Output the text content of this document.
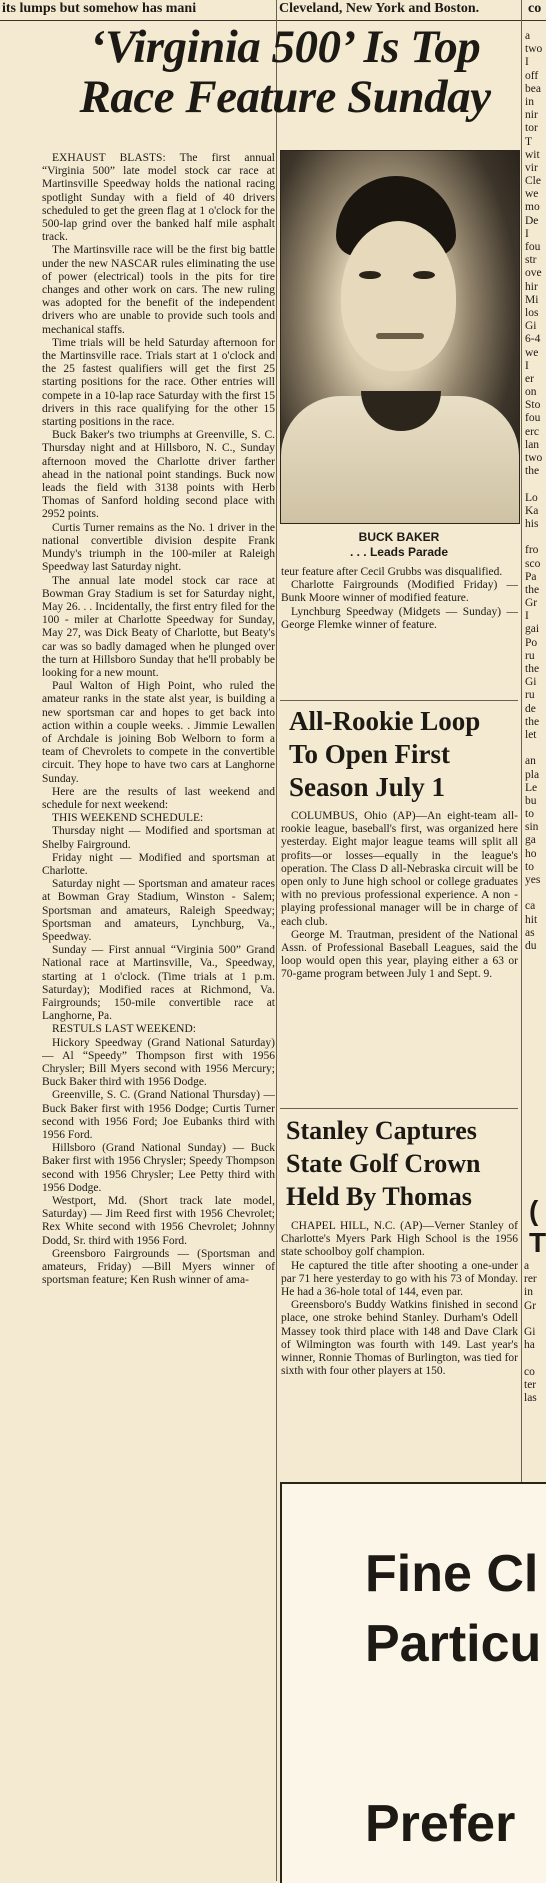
its lumps but somehow has mani	Cleveland, New York and Boston.	co
‘Virginia 500’ Is Top
Race Feature Sunday

EXHAUST BLASTS: The first annual “Virginia 500” late model stock car race at Martinsville Speedway holds the national racing spotlight Sunday with a field of 40 drivers scheduled to get the green flag at 1 o'clock for the 500-lap grind over the banked half mile asphalt track.

The Martinsville race will be the first big battle under the new NASCAR rules eliminating the use of power (electrical) tools in the pits for tire changes and other work on cars. The new ruling was adopted for the benefit of the independent drivers who are unable to provide such tools and mechanical staffs.

Time trials will be held Saturday afternoon for the Martinsville race. Trials start at 1 o'clock and the 25 fastest qualifiers will get the first 25 starting positions for the race. Other entries will compete in a 10-lap race Saturday with the first 15 drivers in this race qualifying for the other 15 starting positions in the race.

Buck Baker's two triumphs at Greenville, S. C. Thursday night and at Hillsboro, N. C., Sunday afternoon moved the Charlotte driver farther ahead in the national point standings. Buck now leads the field with 3138 points with Herb Thomas of Sanford holding second place with 2952 points.

Curtis Turner remains as the No. 1 driver in the national convertible division despite Frank Mundy's triumph in the 100-miler at Raleigh Speedway last Saturday night.

The annual late model stock car race at Bowman Gray Stadium is set for Saturday night, May 26. . . Incidentally, the first entry filed for the 100 - miler at Charlotte Speedway for Sunday, May 27, was Dick Beaty of Charlotte, but Beaty's car was so badly damaged when he plunged over the turn at Hillsboro Sunday that he'll probably be looking for a new mount.

Paul Walton of High Point, who ruled the amateur ranks in the state alst year, is building a new sportsman car and hopes to get back into action within a couple weeks. . Jimmie Lewallen of Archdale is joining Bob Welborn to form a team of Chevrolets to compete in the convertible circuit. They hope to have two cars at Langhorne Sunday.

Here are the results of last weekend and schedule for next weekend:

THIS WEEKEND SCHEDULE:

Thursday night — Modified and sportsman at Shelby Fairground.

Friday night — Modified and sportsman at Charlotte.

Saturday night — Sportsman and amateur races at Bowman Gray Stadium, Winston - Salem; Sportsman and amateurs, Raleigh Speedway; Sportsman and amateurs, Lynchburg, Va., Speedway.

Sunday — First annual “Virginia 500” Grand National race at Martinsville, Va., Speedway, starting at 1 o'clock. (Time trials at 1 p.m. Saturday); Modified races at Richmond, Va. Fairgrounds; 150-mile convertible race at Langhorne, Pa.

RESTULS LAST WEEKEND:

Hickory Speedway (Grand National Saturday) — Al “Speedy” Thompson first with 1956 Chrysler; Bill Myers second with 1956 Mercury; Buck Baker third with 1956 Dodge.

Greenville, S. C. (Grand National Thursday) — Buck Baker first with 1956 Dodge; Curtis Turner second with 1956 Ford; Joe Eubanks third with 1956 Ford.

Hillsboro (Grand National Sunday) — Buck Baker first with 1956 Chrysler; Speedy Thompson second with 1956 Chrysler; Lee Petty third with 1956 Dodge.

Westport, Md. (Short track late model, Saturday) — Jim Reed first with 1956 Chevrolet; Rex White second with 1956 Chevrolet; Johnny Dodd, Sr. third with 1956 Ford.

Greensboro Fairgrounds — (Sportsman and amateurs, Friday) —Bill Myers winner of sportsman feature; Ken Rush winner of ama-

BUCK BAKER
. . . Leads Parade

teur feature after Cecil Grubbs was disqualified.

Charlotte Fairgrounds (Modified Friday) — Bunk Moore winner of modified feature.

Lynchburg Speedway (Midgets — Sunday) — George Flemke winner of feature.

All-Rookie Loop
To Open First
Season July 1

COLUMBUS, Ohio (AP)—An eight-team all-rookie league, baseball's first, was organized here yesterday. Eight major league teams will split all profits—or losses—equally in the league's operation. The Class D all-Nebraska circuit will be open only to June high school or college graduates with no previous professional experience. A non - playing professional manager will be in charge of each club.

George M. Trautman, president of the National Assn. of Professional Baseball Leagues, said the loop would open this year, playing either a 63 or 70-game program between July 1 and Sept. 9.

Stanley Captures
State Golf Crown
Held By Thomas

CHAPEL HILL, N.C. (AP)—Verner Stanley of Charlotte's Myers Park High School is the 1956 state schoolboy golf champion.

He captured the title after shooting a one-under par 71 here yesterday to go with his 73 of Monday. He had a 36-hole total of 144, even par.

Greensboro's Buddy Watkins finished in second place, one stroke behind Stanley. Durham's Odell Massey took third place with 148 and Dave Clark of Wilmington was fourth with 149. Last year's winner, Ronnie Thomas of Burlington, was tied for sixth with four other players at 150.

Fine Cl
Particu
Prefer
a
two
I
off
bea
in
nir
tor
T
wit
vir
Cle
we
mo
De
I
fou
str
ove
hir
Mi
los
Gi
6-4
we
I
er
on
Sto
fou
erc
lan
two
the
Lo
Ka
his
fro
sco
Pa
the
Gr
I
gai
Po
ru
the
Gi
ru
de
the
let
an
pla
Le
bu
to
sin
ga
ho
to
yes
ca
hit
as
du
a
rer
in
Gr
Gi
ha
co
ter
las
(
T
